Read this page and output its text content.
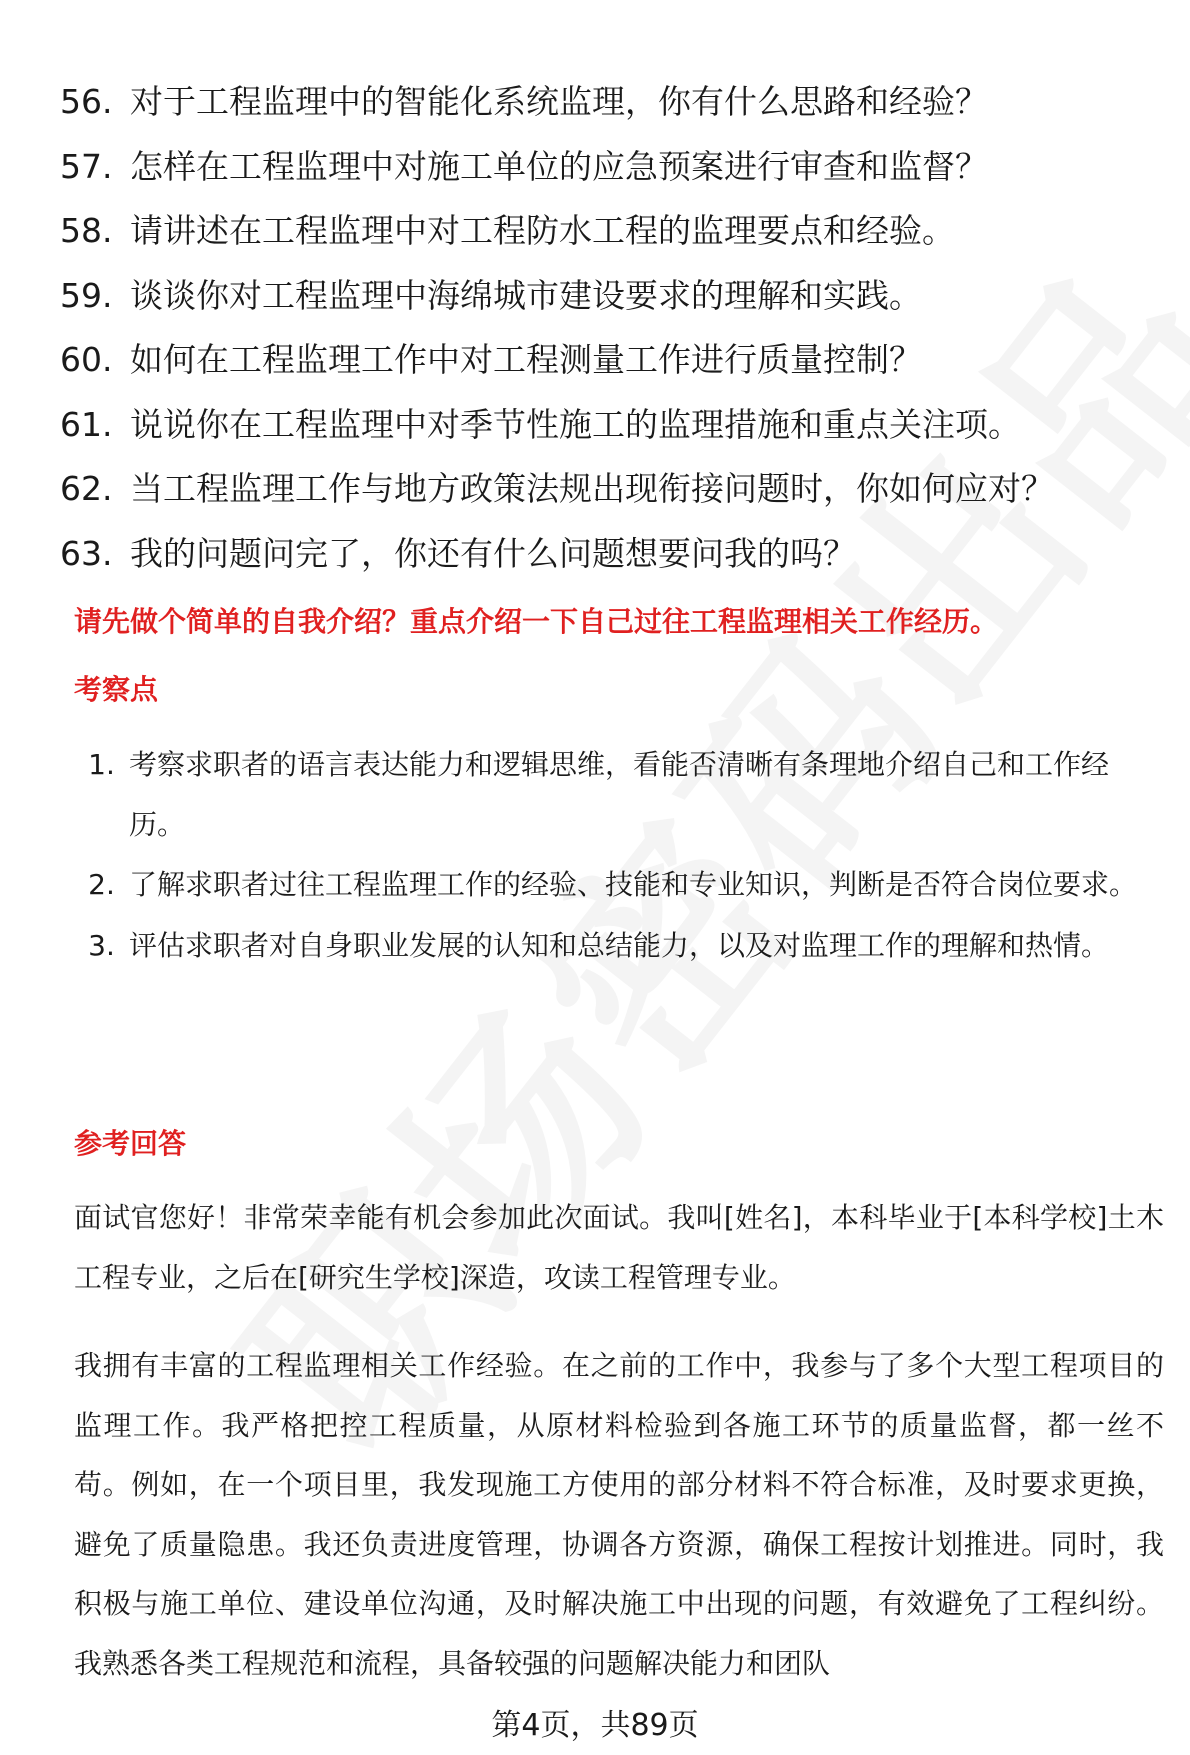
56. 对于工程监理中的智能化系统监理，你有什么思路和经验？
57. 怎样在工程监理中对施工单位的应急预案进行审查和监督？
58. 请讲述在工程监理中对工程防水工程的监理要点和经验。
59. 谈谈你对工程监理中海绵城市建设要求的理解和实践。
60. 如何在工程监理工作中对工程测量工作进行质量控制？
61. 说说你在工程监理中对季节性施工的监理措施和重点关注项。
62. 当工程监理工作与地方政策法规出现衔接问题时，你如何应对？
63. 我的问题问完了，你还有什么问题想要问我的吗？
请先做个简单的自我介绍？重点介绍一下自己过往工程监理相关工作经历。
考察点
1. 考察求职者的语言表达能力和逻辑思维，看能否清晰有条理地介绍自己和工作经历。
2. 了解求职者过往工程监理工作的经验、技能和专业知识，判断是否符合岗位要求。
3. 评估求职者对自身职业发展的认知和总结能力，以及对监理工作的理解和热情。
参考回答
面试官您好！非常荣幸能有机会参加此次面试。我叫[姓名]，本科毕业于[本科学校]土木工程专业，之后在[研究生学校]深造，攻读工程管理专业。
我拥有丰富的工程监理相关工作经验。在之前的工作中，我参与了多个大型工程项目的监理工作。我严格把控工程质量，从原材料检验到各施工环节的质量监督，都一丝不苟。例如，在一个项目里，我发现施工方使用的部分材料不符合标准，及时要求更换，避免了质量隐患。我还负责进度管理，协调各方资源，确保工程按计划推进。同时，我积极与施工单位、建设单位沟通，及时解决施工中出现的问题，有效避免了工程纠纷。我熟悉各类工程规范和流程，具备较强的问题解决能力和团队
第4页，共89页
